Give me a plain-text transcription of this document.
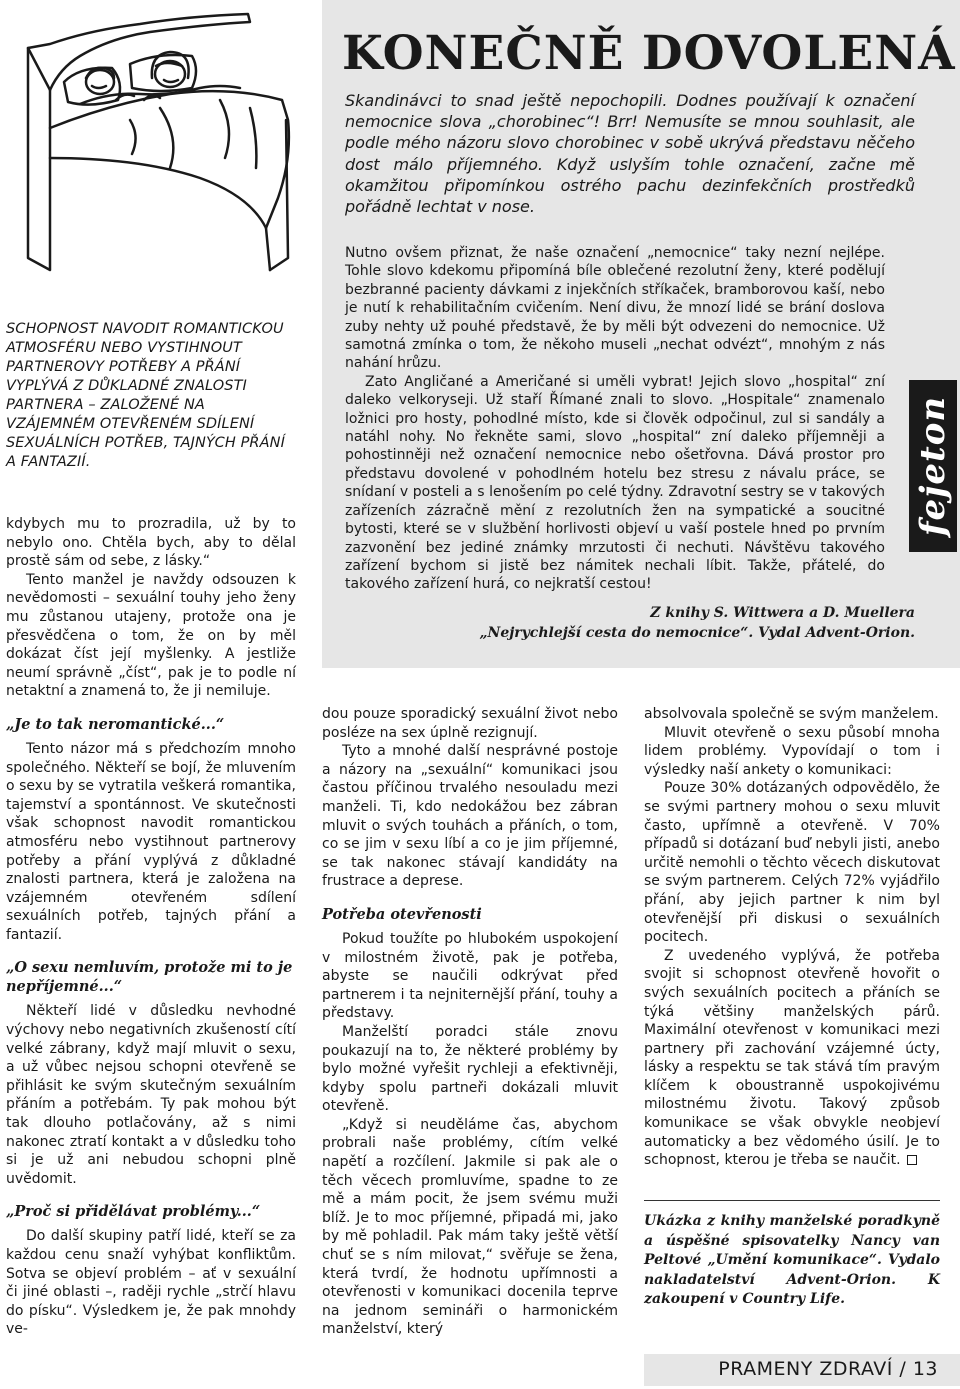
SCHOPNOST NAVODIT ROMANTICKOU ATMOSFÉRU NEBO VYSTIHNOUT PARTNEROVY POTŘEBY A PŘÁNÍ VYPLÝVÁ Z DŮKLADNÉ ZNALOSTI PARTNERA – ZALOŽENÉ NA VZÁJEMNÉM OTEVŘENÉM SDÍLENÍ SEXUÁLNÍCH POTŘEB, TAJNÝCH PŘÁNÍ A FANTAZIÍ.

kdybych mu to prozradila, už by to nebylo ono. Chtěla bych, aby to dělal prostě sám od sebe, z lásky.“

Tento manžel je navždy odsouzen k nevědomosti – sexuální touhy jeho ženy mu zůstanou utajeny, protože ona je přesvědčena o tom, že on by měl dokázat číst její myšlenky. A jestliže neumí správně „číst“, pak je to podle ní netaktní a znamená to, že ji nemiluje.

„Je to tak neromantické...“

Tento názor má s předchozím mnoho společného. Někteří se bojí, že mluvením o sexu by se vytratila veškerá romantika, tajemství a spontánnost. Ve skutečnosti však schopnost navodit romantickou atmosféru nebo vystihnout partnerovy potřeby a přání vyplývá z důkladné znalosti partnera, která je založena na vzájemném otevřeném sdílení sexuálních potřeb, tajných přání a fantazií.

„O sexu nemluvím, protože mi to je nepříjemné...“

Někteří lidé v důsledku nevhodné výchovy nebo negativních zkušeností cítí velké zábrany, když mají mluvit o sexu, a už vůbec nejsou schopni otevřeně se přihlásit ke svým skutečným sexuálním přáním a potřebám. Ty pak mohou být tak dlouho potlačovány, až s nimi nakonec ztratí kontakt a v důsledku toho si je už ani nebudou schopni plně uvědomit.

„Proč si přidělávat problémy...“

Do další skupiny patří lidé, kteří se za každou cenu snaží vyhýbat konfliktům. Sotva se objeví problém – ať v sexuální či jiné oblasti –, raději rychle „strčí hlavu do písku“. Výsledkem je, že pak mnohdy ve-

KONEČNĚ DOVOLENÁ

Skandinávci to snad ještě nepochopili. Dodnes používají k označení nemocnice slova „chorobinec“! Brr! Nemusíte se mnou souhlasit, ale podle mého názoru slovo chorobinec v sobě ukrývá představu něčeho dost málo příjemného. Když uslyším tohle označení, začne mě okamžitou připomínkou ostrého pachu dezinfekčních prostředků pořádně lechtat v nose.

Nutno ovšem přiznat, že naše označení „nemocnice“ taky nezní nejlépe. Tohle slovo kdekomu připomíná bíle oblečené rezolutní ženy, které podělují bezbranné pacienty dávkami z injekčních stříkaček, bramborovou kaší, nebo je nutí k rehabilitačním cvičením. Není divu, že mnozí lidé se brání doslova zuby nehty už pouhé představě, že by měli být odvezeni do nemocnice. Už samotná zmínka o tom, že někoho museli „nechat odvézt“, mnohým z nás nahání hrůzu.

Zato Angličané a Američané si uměli vybrat! Jejich slovo „hospital“ zní daleko velkoryseji. Už staří Římané znali to slovo. „Hospitale“ znamenalo ložnici pro hosty, pohodlné místo, kde si člověk odpočinul, zul si sandály a natáhl nohy. No řekněte sami, slovo „hospital“ zní daleko příjemněji a pohostinněji než označení nemocnice nebo ošetřovna. Dává prostor pro představu dovolené v pohodlném hotelu bez stresu z návalu práce, se snídaní v posteli a s lenošením po celé týdny. Zdravotní sestry se v takových zařízeních zázračně mění z rezolutních žen na sympatické a soucitné bytosti, které se v službění horlivosti objeví u vaší postele hned po prvním zazvonění bez jediné známky mrzutosti či nechuti. Návštěvu takového zařízení bychom si jistě bez námitek nechali líbit. Takže, přátelé, do takového zařízení hurá, co nejkratší cestou!

fejeton
Z knihy S. Wittwera a D. Muellera
„Nejrychlejší cesta do nemocnice“. Vydal Advent-Orion.

dou pouze sporadický sexuální život nebo posléze na sex úplně rezignují.

Tyto a mnohé další nesprávné postoje a názory na „sexuální“ komunikaci jsou častou příčinou trvalého nesouladu mezi manželi. Ti, kdo nedokážou bez zábran mluvit o svých touhách a přáních, o tom, co se jim v sexu líbí a co je jim příjemné, se tak nakonec stávají kandidáty na frustrace a deprese.

Potřeba otevřenosti

Pokud toužíte po hlubokém uspokojení v milostném životě, pak je potřeba, abyste se naučili odkrývat před partnerem i ta nejniternější přání, touhy a představy.

Manželští poradci stále znovu poukazují na to, že některé problémy by bylo možné vyřešit rychleji a efektivněji, kdyby spolu partneři dokázali mluvit otevřeně.

„Když si neuděláme čas, abychom probrali naše problémy, cítím velké napětí a rozčílení. Jakmile si pak ale o těch věcech promluvíme, spadne to ze mě a mám pocit, že jsem svému muži blíž. Je to moc příjemné, připadá mi, jako by mě pohladil. Pak mám taky ještě větší chuť se s ním milovat,“ svěřuje se žena, která tvrdí, že hodnotu upřímnosti a otevřenosti v komunikaci docenila teprve na jednom semináři o harmonickém manželství, který

absolvovala společně se svým manželem.

Mluvit otevřeně o sexu působí mnoha lidem problémy. Vypovídají o tom i výsledky naší ankety o komunikaci:

Pouze 30% dotázaných odpovědělo, že se svými partnery mohou o sexu mluvit často, upřímně a otevřeně. V 70% případů si dotázaní buď nebyli jisti, anebo určitě nemohli o těchto věcech diskutovat se svým partnerem. Celých 72% vyjádřilo přání, aby jejich partner k nim byl otevřenější při diskusi o sexuálních pocitech.

Z uvedeného vyplývá, že potřeba svojit si schopnost otevřeně hovořit o svých sexuálních pocitech a přáních se týká většiny manželských párů. Maximální otevřenost v komunikaci mezi partnery při zachování vzájemné úcty, lásky a respektu se tak stává tím pravým klíčem k oboustranně uspokojivému milostnému životu. Takový způsob komunikace se však obvykle neobjeví automaticky a bez vědomého úsilí. Je to schopnost, kterou je třeba se naučit.

Ukázka z knihy manželské poradkyně a úspěšné spisovatelky Nancy van Peltové „Umění komunikace“. Vydalo nakladatelství Advent-Orion. K zakoupení v Country Life.

PRAMENY ZDRAVÍ / 13
